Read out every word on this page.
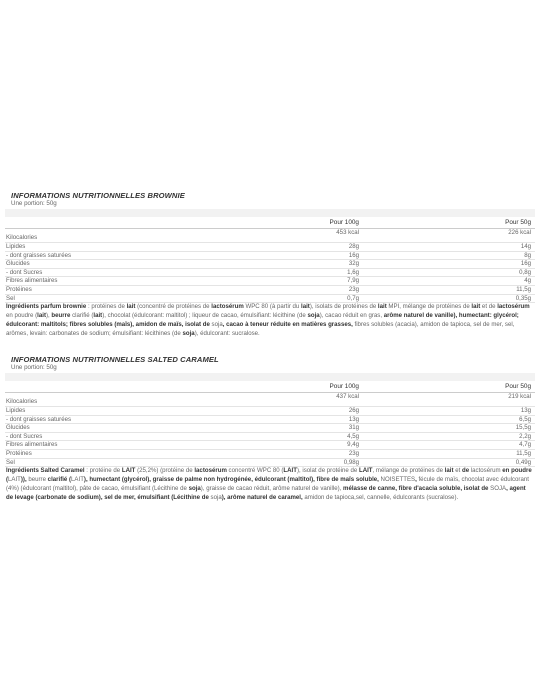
INFORMATIONS NUTRITIONNELLES BROWNIE
Une portion: 50g
	Pour 100g	Pour 50g
Kilocalories	453 kcal	226 kcal
Lipides	28g	14g
- dont graisses saturées	16g	8g
Glucides	32g	16g
- dont Sucres	1,6g	0,8g
Fibres alimentaires	7,9g	4g
Protéines	23g	11,5g
Sel	0,7g	0,35g
Ingrédients parfum brownie : protéines de lait (concentré de protéines de lactosérum WPC 80 (à partir du lait), isolats de protéines de lait MPI, mélange de protéines de lait et de lactosérum en poudre (lait), beurre clarifié (lait), chocolat (édulcorant: maltitol) ; liqueur de cacao, émulsifiant: lécithine (de soja), cacao réduit en gras, arôme naturel de vanille), humectant: glycérol; édulcorant: maltitols; fibres solubles (maïs), amidon de maïs, isolat de soja, cacao à teneur réduite en matières grasses, fibres solubles (acacia), amidon de tapioca, sel de mer, sel, arômes, levain: carbonates de sodium; émulsifiant: lécithines (de soja), édulcorant: sucralose.
INFORMATIONS NUTRITIONNELLES SALTED CARAMEL
Une portion: 50g
	Pour 100g	Pour 50g
Kilocalories	437 kcal	219 kcal
Lipides	26g	13g
- dont graisses saturées	13g	6,5g
Glucides	31g	15,5g
- dont Sucres	4,5g	2,2g
Fibres alimentaires	9,4g	4,7g
Protéines	23g	11,5g
Sel	0,98g	0,49g
Ingrédients Salted Caramel : protéine de LAIT (25,2%) (protéine de lactosérum concentré WPC 80 (LAIT), isolat de protéine de LAIT, mélange de protéines de lait et de lactosérum en poudre (LAIT)), beurre clarifié (LAIT), humectant (glycérol), graisse de palme non hydrogénée, édulcorant (maltitol), fibre de maïs soluble, NOISETTES, fécule de maïs, chocolat avec édulcorant (4%) (édulcorant (maltitol), pâte de cacao, émulsifiant (Lécithine de soja), graisse de cacao réduit, arôme naturel de vanille), mélasse de canne, fibre d'acacia soluble, isolat de SOJA, agent de levage (carbonate de sodium), sel de mer, émulsifiant (Lécithine de soja), arôme naturel de caramel, amidon de tapioca,sel, cannelle, édulcorants (sucralose).
